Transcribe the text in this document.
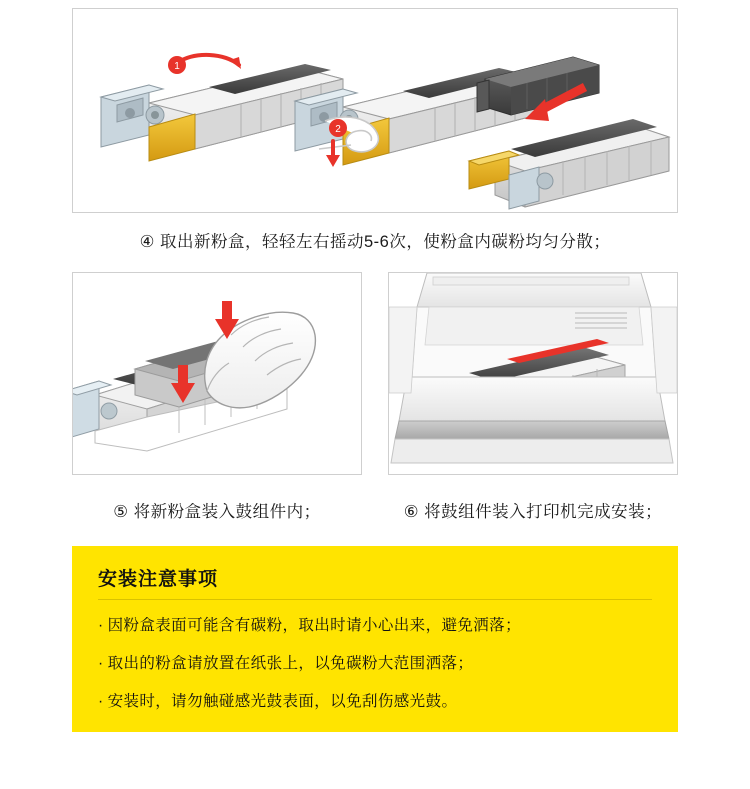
1
2
④ 取出新粉盒，轻轻左右摇动5-6次，使粉盒内碳粉均匀分散；
⑤ 将新粉盒装入鼓组件内；	⑥ 将鼓组件装入打印机完成安装；
安装注意事项
· 因粉盒表面可能含有碳粉，取出时请小心出来，避免洒落；
· 取出的粉盒请放置在纸张上，以免碳粉大范围洒落；
· 安装时，请勿触碰感光鼓表面，以免刮伤感光鼓。
